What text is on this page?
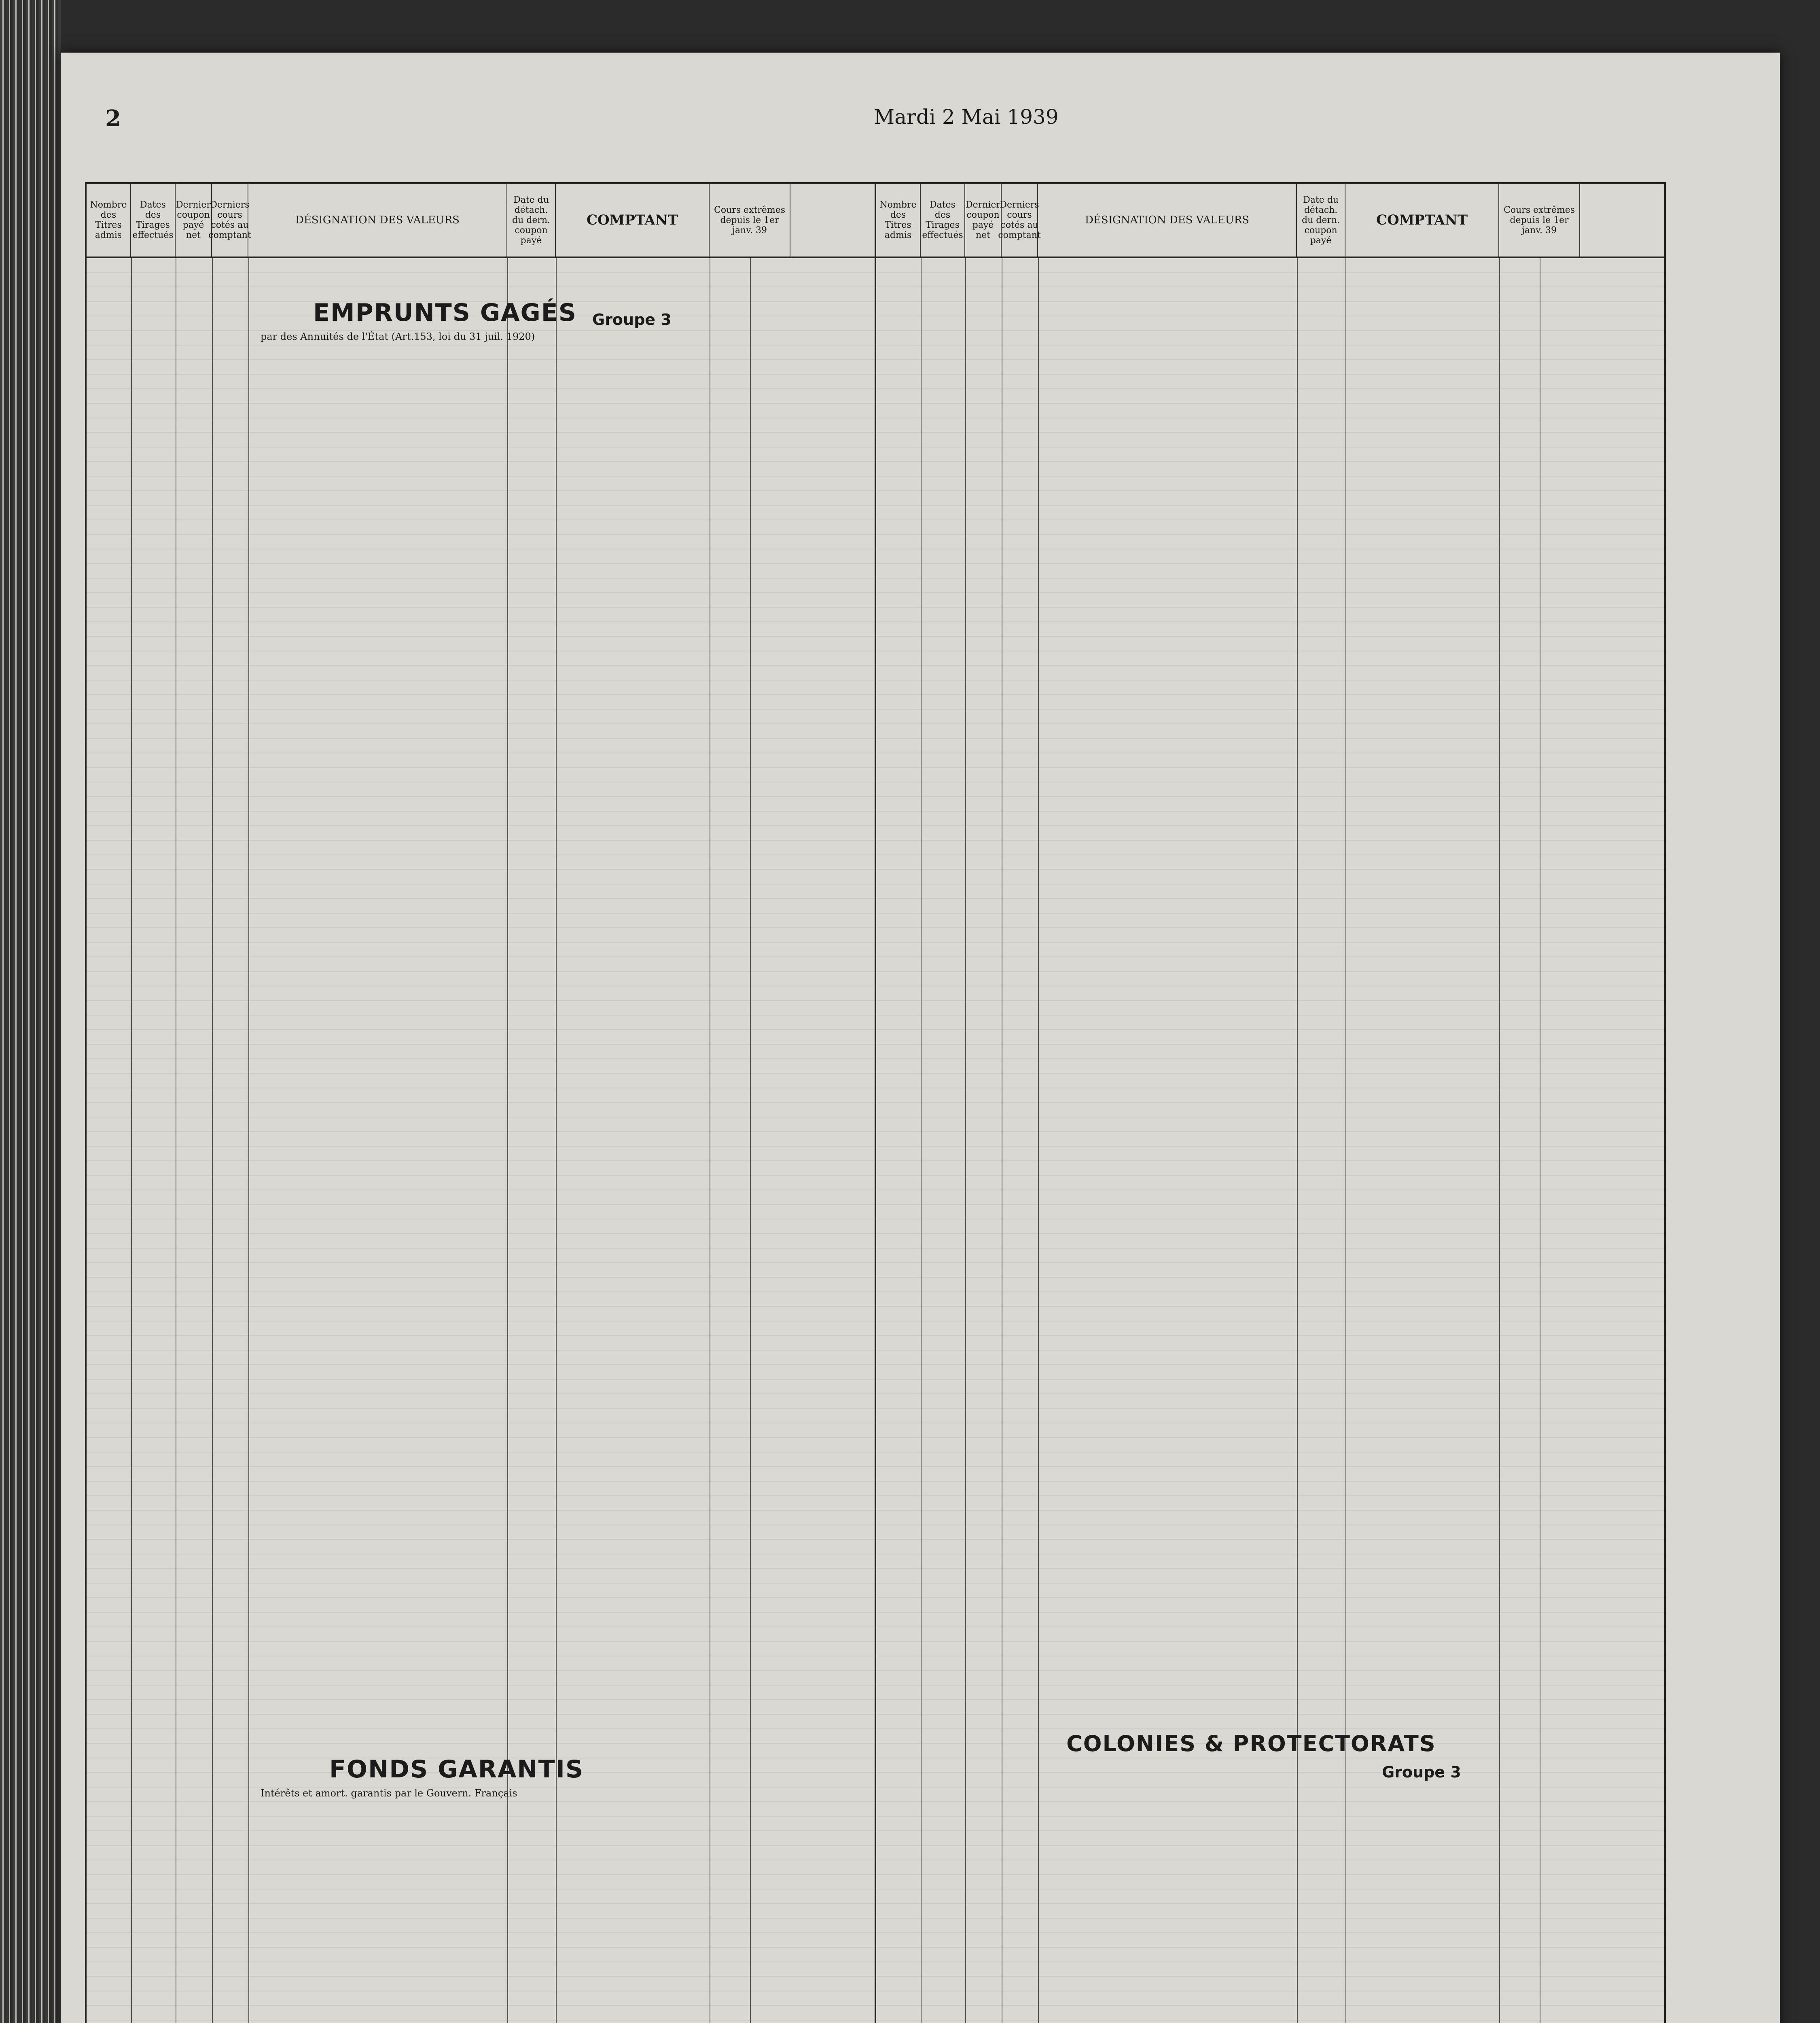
2	Mardi 2 Mai 1939
Nombre des Titres admis
Dates des Tirages effectués
Dernier coupon payé net
Derniers cours cotés au comptant
DÉSIGNATION DES VALEURS
Date du détach. du dern. coupon payé
COMPTANT
Cours extrêmes depuis le 1er janv. 39
EMPRUNTS GAGÉS
par des Annuités de l'État (Art.153, loi du 31 juil. 1920)
Groupe 3
FONDS GARANTIS
Intérêts et amort. garantis par le Gouvern. Français
Nombre des Titres admis
Dates des Tirages effectués
Dernier coupon payé net
Derniers cours cotés au comptant
DÉSIGNATION DES VALEURS
Date du détach. du dern. coupon payé
COMPTANT
Cours extrêmes depuis le 1er janv. 39
COLONIES & PROTECTORATS
Groupe 3
